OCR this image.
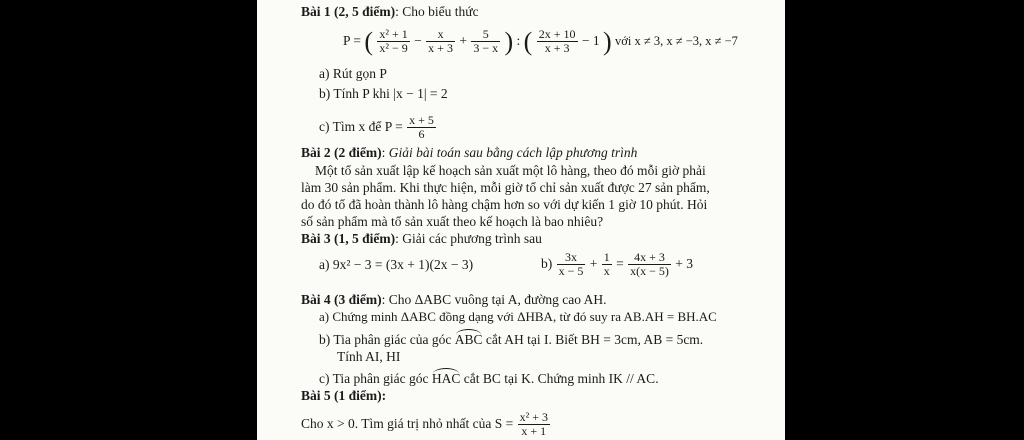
Bài 1 (2, 5 điểm): Cho biểu thức
P = ( $\frac{\text{x² + 1}}{\text{x² − 9}} - \frac{x}{x + 3} + \frac{5}{3 - x}$ ) : ( $\frac{2x + 10}{x + 3} - 1$ ) với x ≠ 3, x ≠ −3, x ≠ −7
a) Rút gọn P
b) Tính P khi |x − 1| = 2
c) Tìm x để $P = \frac{x + 5}{6}$
Bài 2 (2 điểm): Giải bài toán sau bằng cách lập phương trình
Một tổ sản xuất lập kế hoạch sản xuất một lô hàng, theo đó mỗi giờ phải
làm 30 sản phẩm. Khi thực hiện, mỗi giờ tổ chỉ sản xuất được 27 sản phẩm,
do đó tổ đã hoàn thành lô hàng chậm hơn so với dự kiến 1 giờ 10 phút. Hỏi
số sản phẩm mà tổ sản xuất theo kế hoạch là bao nhiêu?
Bài 3 (1, 5 điểm): Giải các phương trình sau
a) 9x² − 3 = (3x + 1)(2x − 3)	$b) \frac{3x}{x - 5} + \frac{1}{x} = \frac{4x + 3}{x(x - 5)} + 3$
Bài 4 (3 điểm): Cho ΔABC vuông tại A, đường cao AH.
a) Chứng minh ΔABC đồng dạng với ΔHBA, từ đó suy ra AB.AH = BH.AC
b) Tia phân giác của góc ABC cắt AH tại I. Biết BH = 3cm, AB = 5cm.
Tính AI, HI
c) Tia phân giác góc HAC cắt BC tại K. Chứng minh IK // AC.
Bài 5 (1 điểm):
Cho x > 0. Tìm giá trị nhỏ nhất của $S = \frac{\text{x² + 3}}{x + 1}$
